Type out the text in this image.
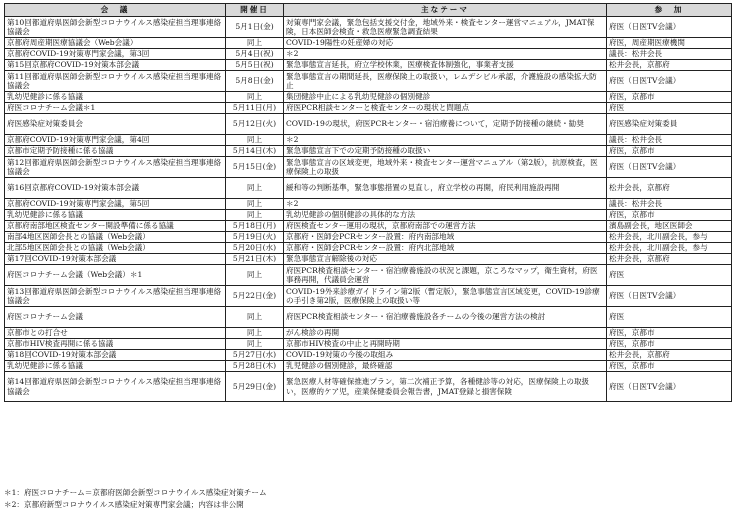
会　議	開催日	主なテーマ	参　加
第10回都道府県医師会新型コロナウイルス感染症担当理事連絡協議会	5月1日(金)	対策専門家会議，緊急包括支援交付金，地域外来・検査センター運営マニュアル，JMAT保険，日本医師会検査・救急医療緊急調査結果	府医（日医TV会議）
京都府周産期医療協議会（Web会議）	同上	COVID-19陽性の妊産婦の対応	府医，周産期医療機関
京都府COVID-19対策専門家会議，第3回	5月4日(祝)	＊2	議長：松井会長
第15回京都府COVID-19対策本部会議	5月5日(祝)	緊急事態宣言延長，府立学校休業，医療検査体制強化，事業者支援	松井会長，京都府
第11回都道府県医師会新型コロナウイルス感染症担当理事連絡協議会	5月8日(金)	緊急事態宣言の期間延長，医療保険上の取扱い，レムデシビル承認，介護施設の感染拡大防止	府医（日医TV会議）
乳幼児健診に係る協議	同上	集団健診中止による乳幼児健診の個別健診	府医，京都市
府医コロナチーム会議＊1	5月11日(月)	府医PCR相談センターと検査センターの現状と問題点	府医
府医感染症対策委員会	5月12日(火)	COVID-19の現状，府医PCRセンター・宿泊療養について，定期予防接種の継続・勧奨	府医感染症対策委員
京都府COVID-19対策専門家会議，第4回	同上	＊2	議長：松井会長
京都市定期予防接種に係る協議	5月14日(木)	緊急事態宣言下での定期予防接種の取扱い	府医，京都市
第12回都道府県医師会新型コロナウイルス感染症担当理事連絡協議会	5月15日(金)	緊急事態宣言の区域変更，地域外来・検査センター運営マニュアル（第2版），抗原検査，医療保険上の取扱	府医（日医TV会議）
第16回京都府COVID-19対策本部会議	同上	緩和等の判断基準，緊急事態措置の見直し，府立学校の再開，府民利用施設再開	松井会長，京都府
京都府COVID-19対策専門家会議，第5回	同上	＊2	議長：松井会長
乳幼児健診に係る協議	同上	乳幼児健診の個別健診の具体的な方法	府医，京都市
京都府南部地区検査センター開設準備に係る協議	5月18日(月)	府医検査センター運用の現状，京都府南部での運営方法	濱島副会長，地区医師会
南部4地区医師会長との協議（Web会議）	5月19日(火)	京都府・医師会PCRセンター設置：府内南部地域	松井会長，北川副会長，参与
北部5地区医師会長との協議（Web会議）	5月20日(水)	京都府・医師会PCRセンター設置：府内北部地域	松井会長，北川副会長，参与
第17回COVID-19対策本部会議	5月21日(木)	緊急事態宣言解除後の対応	松井会長，京都府
府医コロナチーム会議（Web会議）＊1	同上	府医PCR検査相談センター・宿泊療養施設の状況と課題，京ころなマップ，衛生資材，府医事務再開，代議員会運営	府医
第13回都道府県医師会新型コロナウイルス感染症担当理事連絡協議会	5月22日(金)	COVID-19外来診療ガイドライン第2版（暫定版），緊急事態宣言区域変更，COVID-19診療の手引き第2版，医療保険上の取扱い等	府医（日医TV会議）
府医コロナチーム会議	同上	府医PCR検査相談センター・宿泊療養施設各チームの今後の運営方法の検討	府医
京都市との打合せ	同上	がん検診の再開	府医，京都市
京都市HIV検査再開に係る協議	同上	京都市HIV検査の中止と再開時期	府医，京都市
第18回COVID-19対策本部会議	5月27日(水)	COVID-19対策の今後の取組み	松井会長，京都府
乳幼児健診に係る協議	5月28日(木)	乳児健診の個別健診，最終確認	府医，京都市
第14回都道府県医師会新型コロナウイルス感染症担当理事連絡協議会	5月29日(金)	緊急医療人材等確保推進プラン，第二次補正予算，各種健診等の対応，医療保険上の取扱い，医療的ケア児，産業保健委員会報告書，JMAT登録と損害保険	府医（日医TV会議）
＊1：府医コロナチーム＝京都府医師会新型コロナウイルス感染症対策チーム
＊2：京都府新型コロナウイルス感染症対策専門家会議；内容は非公開
